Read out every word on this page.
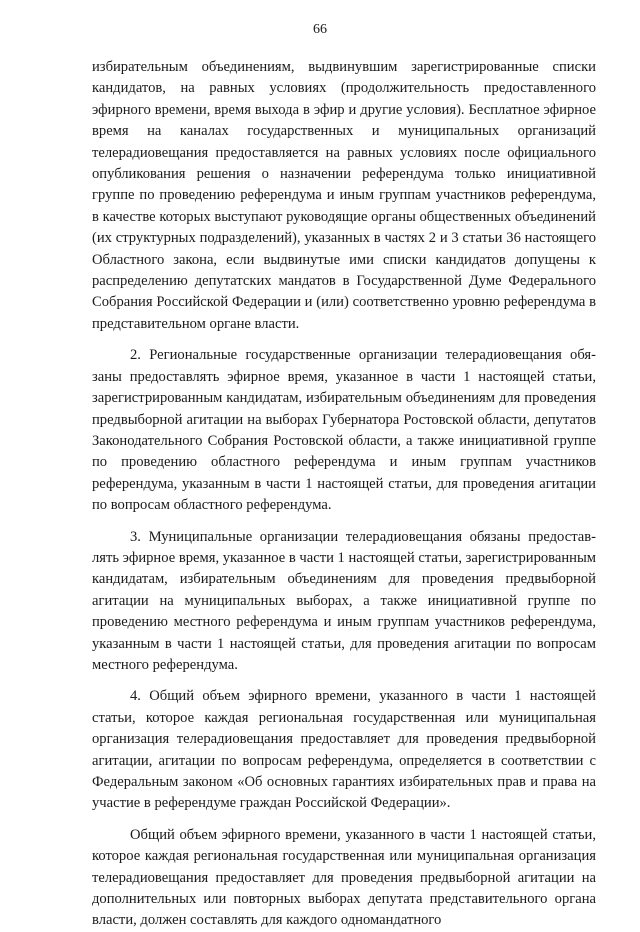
66

избирательным объединениям, выдвинувшим зарегистрированные списки кандидатов, на равных условиях (продолжительность предоставленного эфирного времени, время выхода в эфир и другие условия). Бесплатное эфирное время на каналах государственных и муниципальных организаций телерадиовещания предоставляется на равных условиях после официального опубликования решения о назначении референдума только инициативной группе по проведению референдума и иным группам участников референдума, в качестве которых выступают руководящие органы общественных объединений (их структурных подразделений), указанных в частях 2 и 3 статьи 36 настоящего Областного закона, если выдвинутые ими списки кандидатов допущены к распределению депутатских мандатов в Государственной Думе Федерального Собрания Российской Федерации и (или) соответственно уровню референдума в представительном органе власти.

2. Региональные государственные организации телерадиовещания обязаны предоставлять эфирное время, указанное в части 1 настоящей статьи, зарегистрированным кандидатам, избирательным объединениям для проведения предвыборной агитации на выборах Губернатора Ростовской области, депутатов Законодательного Собрания Ростовской области, а также инициативной группе по проведению областного референдума и иным группам участников референдума, указанным в части 1 настоящей статьи, для проведения агитации по вопросам областного референдума.

3. Муниципальные организации телерадиовещания обязаны предоставлять эфирное время, указанное в части 1 настоящей статьи, зарегистрированным кандидатам, избирательным объединениям для проведения предвыборной агитации на муниципальных выборах, а также инициативной группе по проведению местного референдума и иным группам участников референдума, указанным в части 1 настоящей статьи, для проведения агитации по вопросам местного референдума.

4. Общий объем эфирного времени, указанного в части 1 настоящей статьи, которое каждая региональная государственная или муниципальная организация телерадиовещания предоставляет для проведения предвыборной агитации, агитации по вопросам референдума, определяется в соответствии с Федеральным законом «Об основных гарантиях избирательных прав и права на участие в референдуме граждан Российской Федерации».

Общий объем эфирного времени, указанного в части 1 настоящей статьи, которое каждая региональная государственная или муниципальная организация телерадиовещания предоставляет для проведения предвыборной агитации на дополнительных или повторных выборах депутата представительного органа власти, должен составлять для каждого одномандатного
